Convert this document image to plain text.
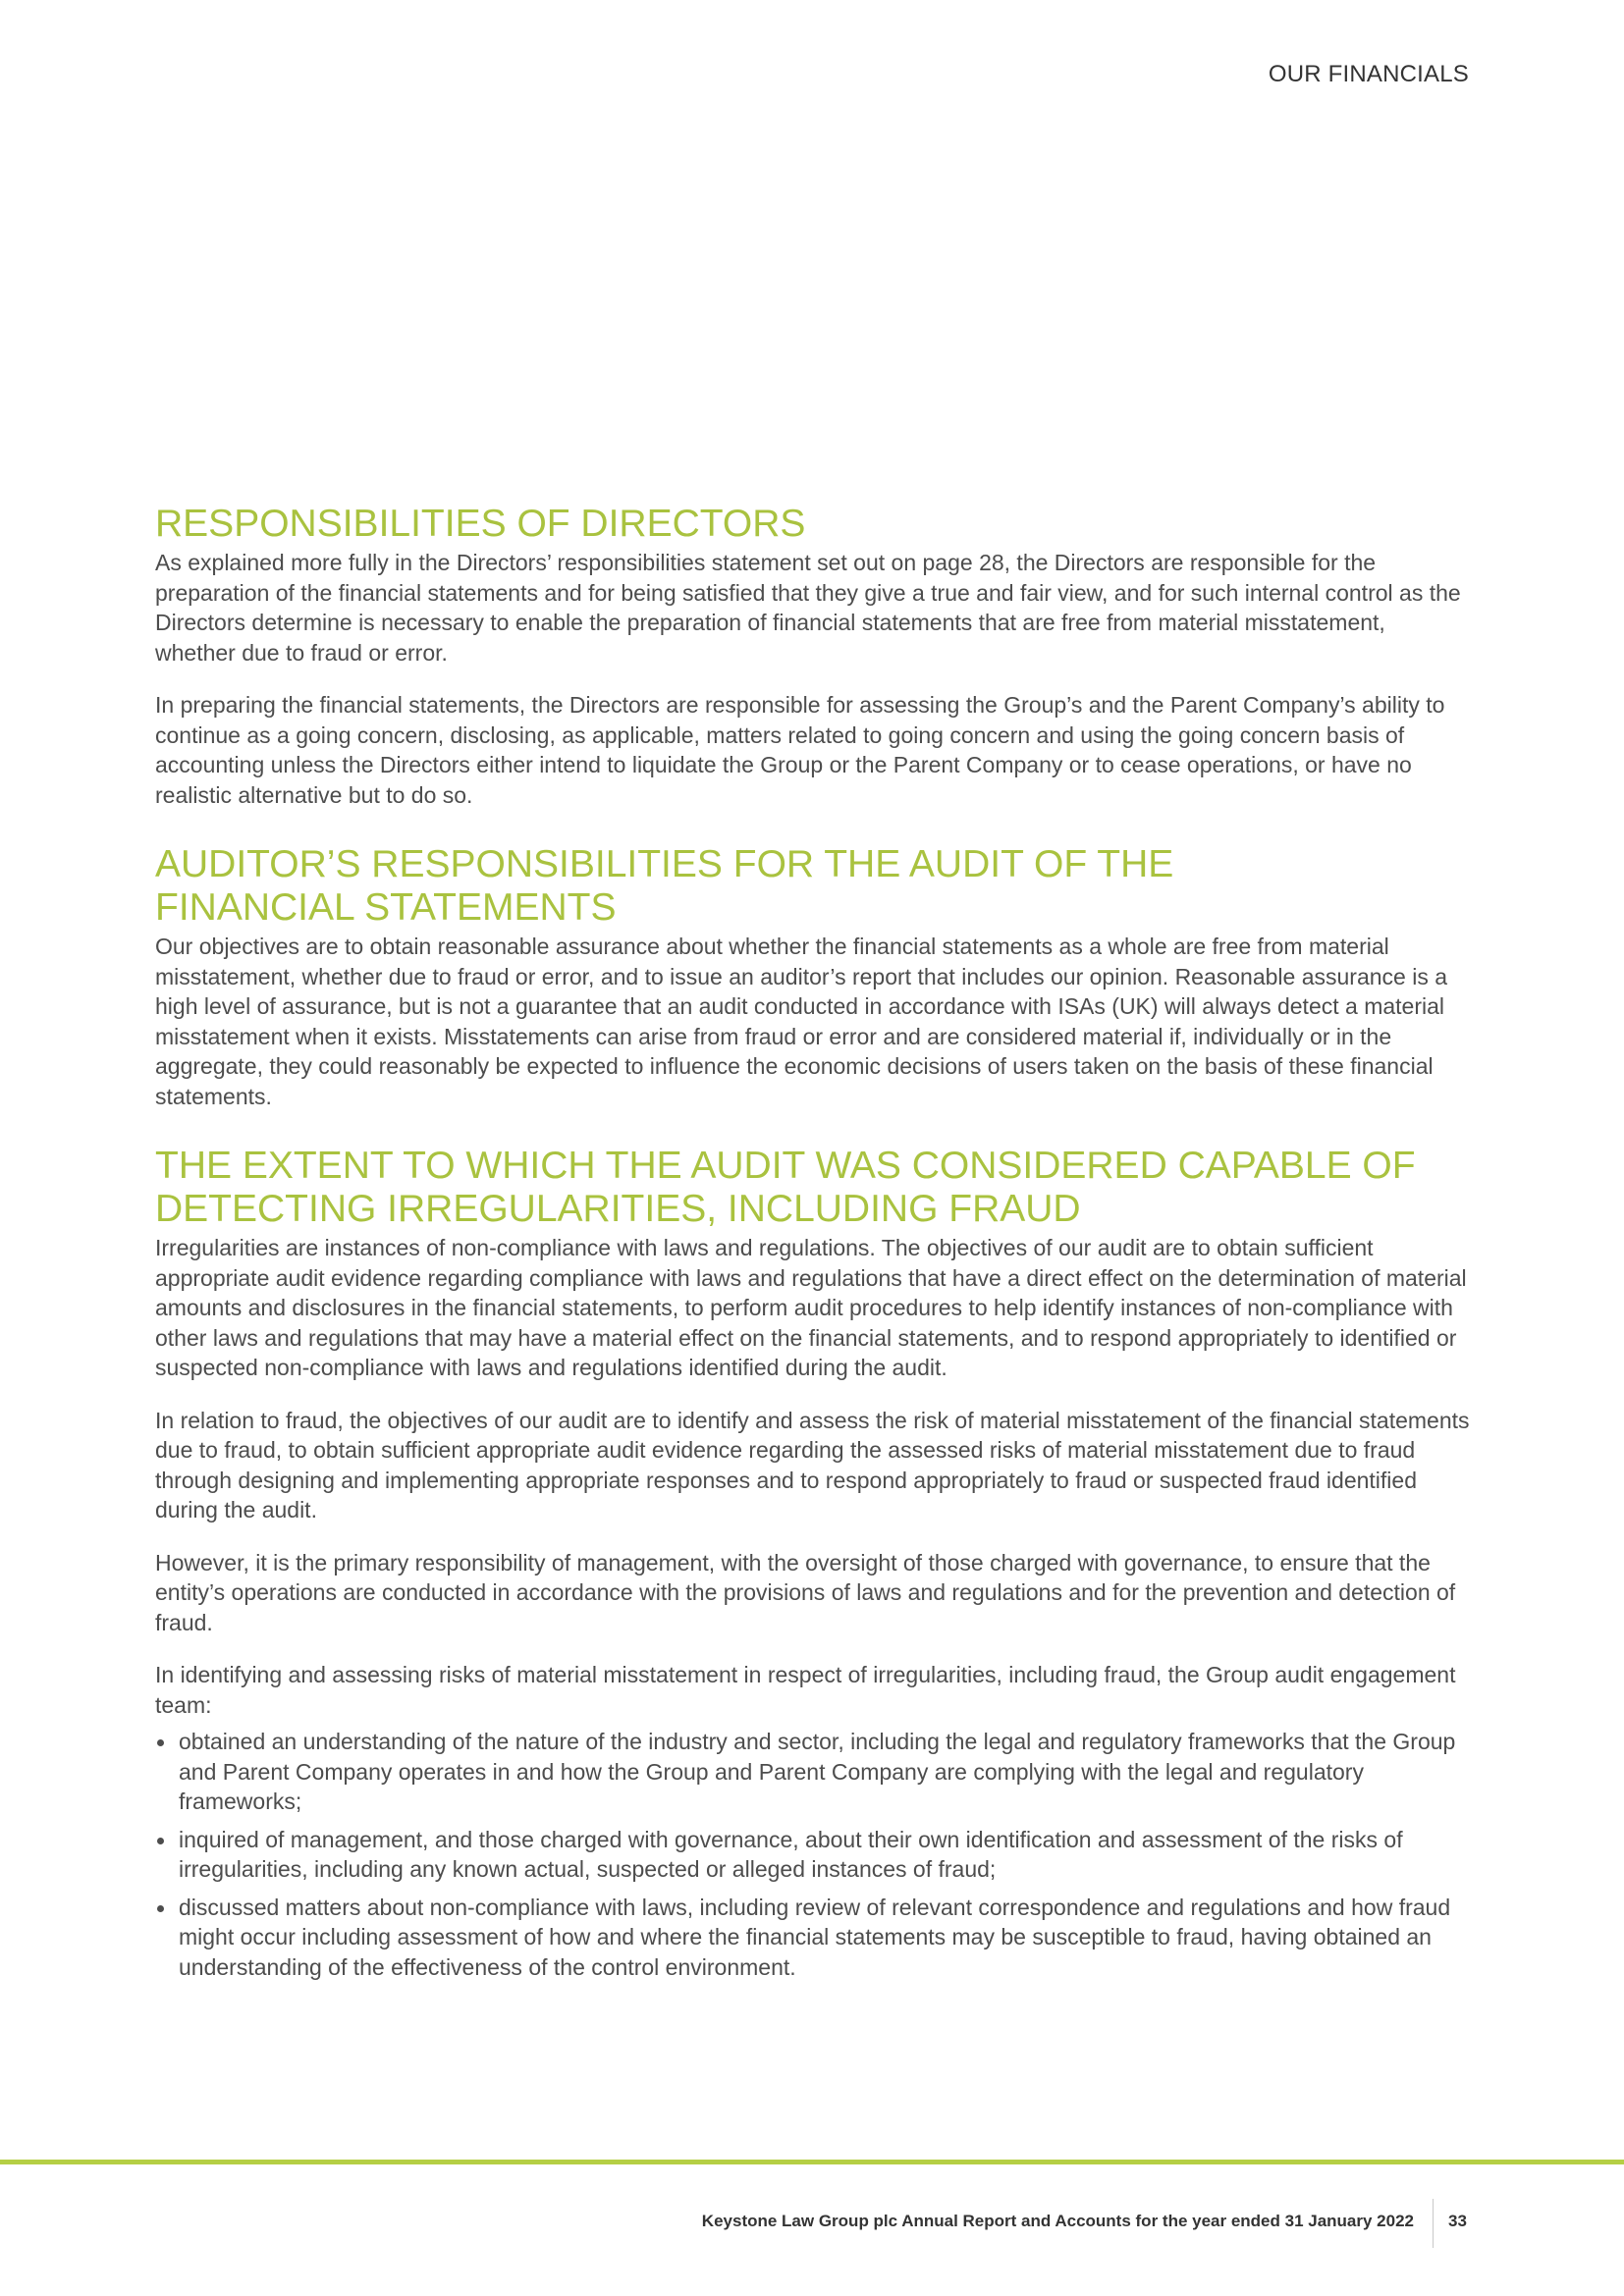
OUR FINANCIALS
RESPONSIBILITIES OF DIRECTORS

As explained more fully in the Directors’ responsibilities statement set out on page 28, the Directors are responsible for the preparation of the financial statements and for being satisfied that they give a true and fair view, and for such internal control as the Directors determine is necessary to enable the preparation of financial statements that are free from material misstatement, whether due to fraud or error.

In preparing the financial statements, the Directors are responsible for assessing the Group’s and the Parent Company’s ability to continue as a going concern, disclosing, as applicable, matters related to going concern and using the going concern basis of accounting unless the Directors either intend to liquidate the Group or the Parent Company or to cease operations, or have no realistic alternative but to do so.

AUDITOR’S RESPONSIBILITIES FOR THE AUDIT OF THE
FINANCIAL STATEMENTS

Our objectives are to obtain reasonable assurance about whether the financial statements as a whole are free from material misstatement, whether due to fraud or error, and to issue an auditor’s report that includes our opinion. Reasonable assurance is a high level of assurance, but is not a guarantee that an audit conducted in accordance with ISAs (UK) will always detect a material misstatement when it exists. Misstatements can arise from fraud or error and are considered material if, individually or in the aggregate, they could reasonably be expected to influence the economic decisions of users taken on the basis of these financial statements.

THE EXTENT TO WHICH THE AUDIT WAS CONSIDERED CAPABLE OF
DETECTING IRREGULARITIES, INCLUDING FRAUD

Irregularities are instances of non-compliance with laws and regulations. The objectives of our audit are to obtain sufficient appropriate audit evidence regarding compliance with laws and regulations that have a direct effect on the determination of material amounts and disclosures in the financial statements, to perform audit procedures to help identify instances of non-compliance with other laws and regulations that may have a material effect on the financial statements, and to respond appropriately to identified or suspected non-compliance with laws and regulations identified during the audit.

In relation to fraud, the objectives of our audit are to identify and assess the risk of material misstatement of the financial statements due to fraud, to obtain sufficient appropriate audit evidence regarding the assessed risks of material misstatement due to fraud through designing and implementing appropriate responses and to respond appropriately to fraud or suspected fraud identified during the audit.

However, it is the primary responsibility of management, with the oversight of those charged with governance, to ensure that the entity’s operations are conducted in accordance with the provisions of laws and regulations and for the prevention and detection of fraud.

In identifying and assessing risks of material misstatement in respect of irregularities, including fraud, the Group audit engagement team:

obtained an understanding of the nature of the industry and sector, including the legal and regulatory frameworks that the Group and Parent Company operates in and how the Group and Parent Company are complying with the legal and regulatory frameworks;
inquired of management, and those charged with governance, about their own identification and assessment of the risks of irregularities, including any known actual, suspected or alleged instances of fraud;
discussed matters about non-compliance with laws, including review of relevant correspondence and regulations and how fraud might occur including assessment of how and where the financial statements may be susceptible to fraud, having obtained an understanding of the effectiveness of the control environment.
Keystone Law Group plc Annual Report and Accounts for the year ended 31 January 2022 33
